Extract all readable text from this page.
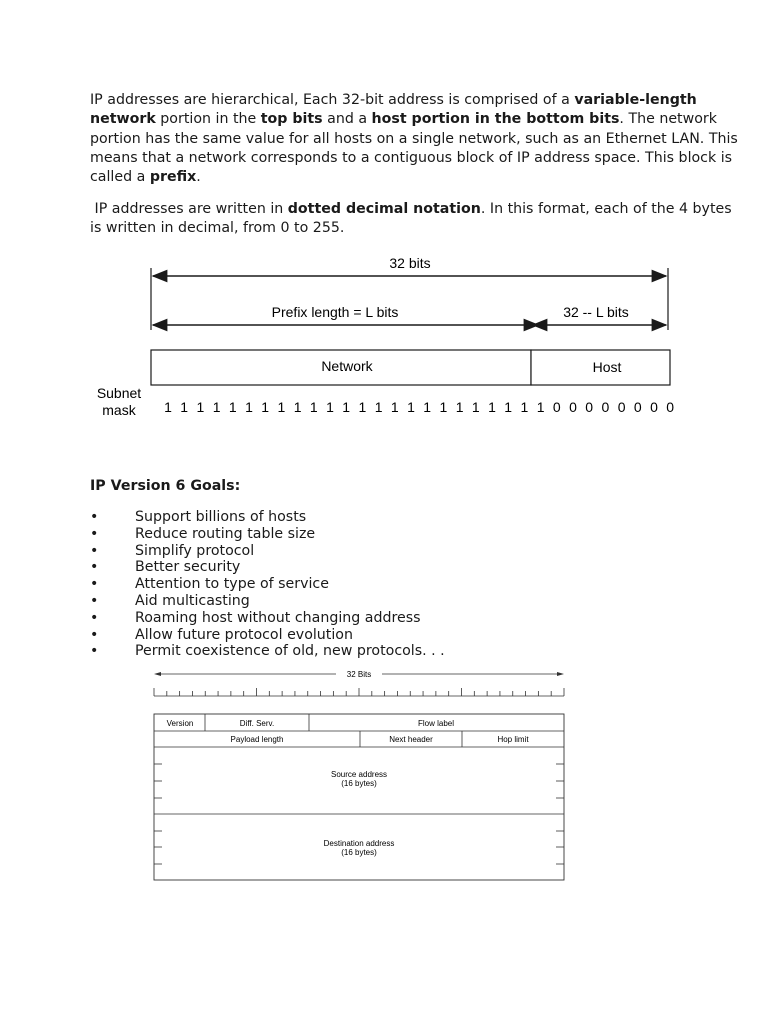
IP addresses are hierarchical, Each 32-bit address is comprised of a variable-length network portion in the top bits and a host portion in the bottom bits. The network portion has the same value for all hosts on a single network, such as an Ethernet LAN. This means that a network corresponds to a contiguous block of IP address space. This block is called a prefix.

IP addresses are written in dotted decimal notation. In this format, each of the 4 bytes is written in decimal, from 0 to 255.

32 bits
Prefix length = L bits	32 -- L bits
Network	Host
Subnet
mask 1 1 1 1 1 1 1 1 1 1 1 1 1 1 1 1 1 1 1 1 1 1 1 1 0 0 0 0 0 0 0 0

IP Version 6 Goals:

•	Support billions of hosts
•	Reduce routing table size
•	Simplify protocol
•	Better security
•	Attention to type of service
•	Aid multicasting
•	Roaming host without changing address
•	Allow future protocol evolution
•	Permit coexistence of old, new protocols. . .
32 Bits
Version	Diff. Serv.	Flow label
Payload length	Next header	Hop limit
Source address
(16 bytes)
Destination address
(16 bytes)
